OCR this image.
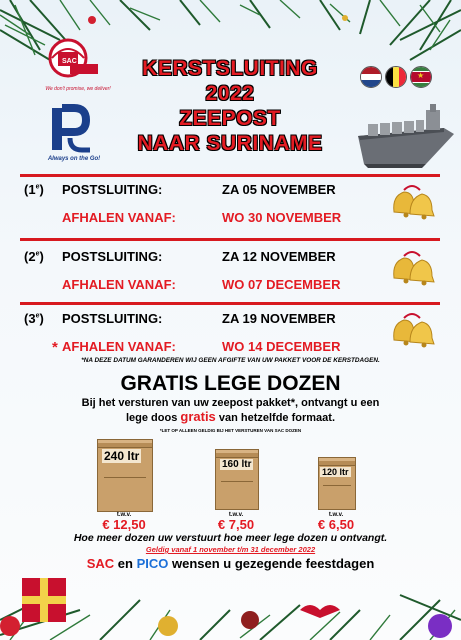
SAC
We don't promise, we deliver!
Always on the Go!
KERSTSLUITING
2022
ZEEPOST
NAAR SURINAME
★
(1e) POSTSLUITING:	ZA 05 NOVEMBER
AFHALEN VANAF:	WO 30 NOVEMBER
(2e) POSTSLUITING:	ZA 12 NOVEMBER
AFHALEN VANAF:	WO 07 DECEMBER
(3e) POSTSLUITING:	ZA 19 NOVEMBER
* AFHALEN VANAF:	WO 14 DECEMBER
*NA DEZE DATUM GARANDEREN WIJ GEEN AFGIFTE VAN UW PAKKET VOOR DE KERSTDAGEN.
GRATIS LEGE DOZEN
Bij het versturen van uw zeepost pakket*, ontvangt u een
lege doos gratis van hetzelfde formaat.
*LET OP ALLEEN GELDIG BIJ HET VERSTUREN VAN SAC DOZEN
240 ltr
t.w.v.
€ 12,50
160 ltr
t.w.v.
€ 7,50
120 ltr
t.w.v.
€ 6,50
Hoe meer dozen uw verstuurt hoe meer lege dozen u ontvangt.
Geldig vanaf 1 november t/m 31 december 2022
SAC en PICO wensen u gezegende feestdagen
